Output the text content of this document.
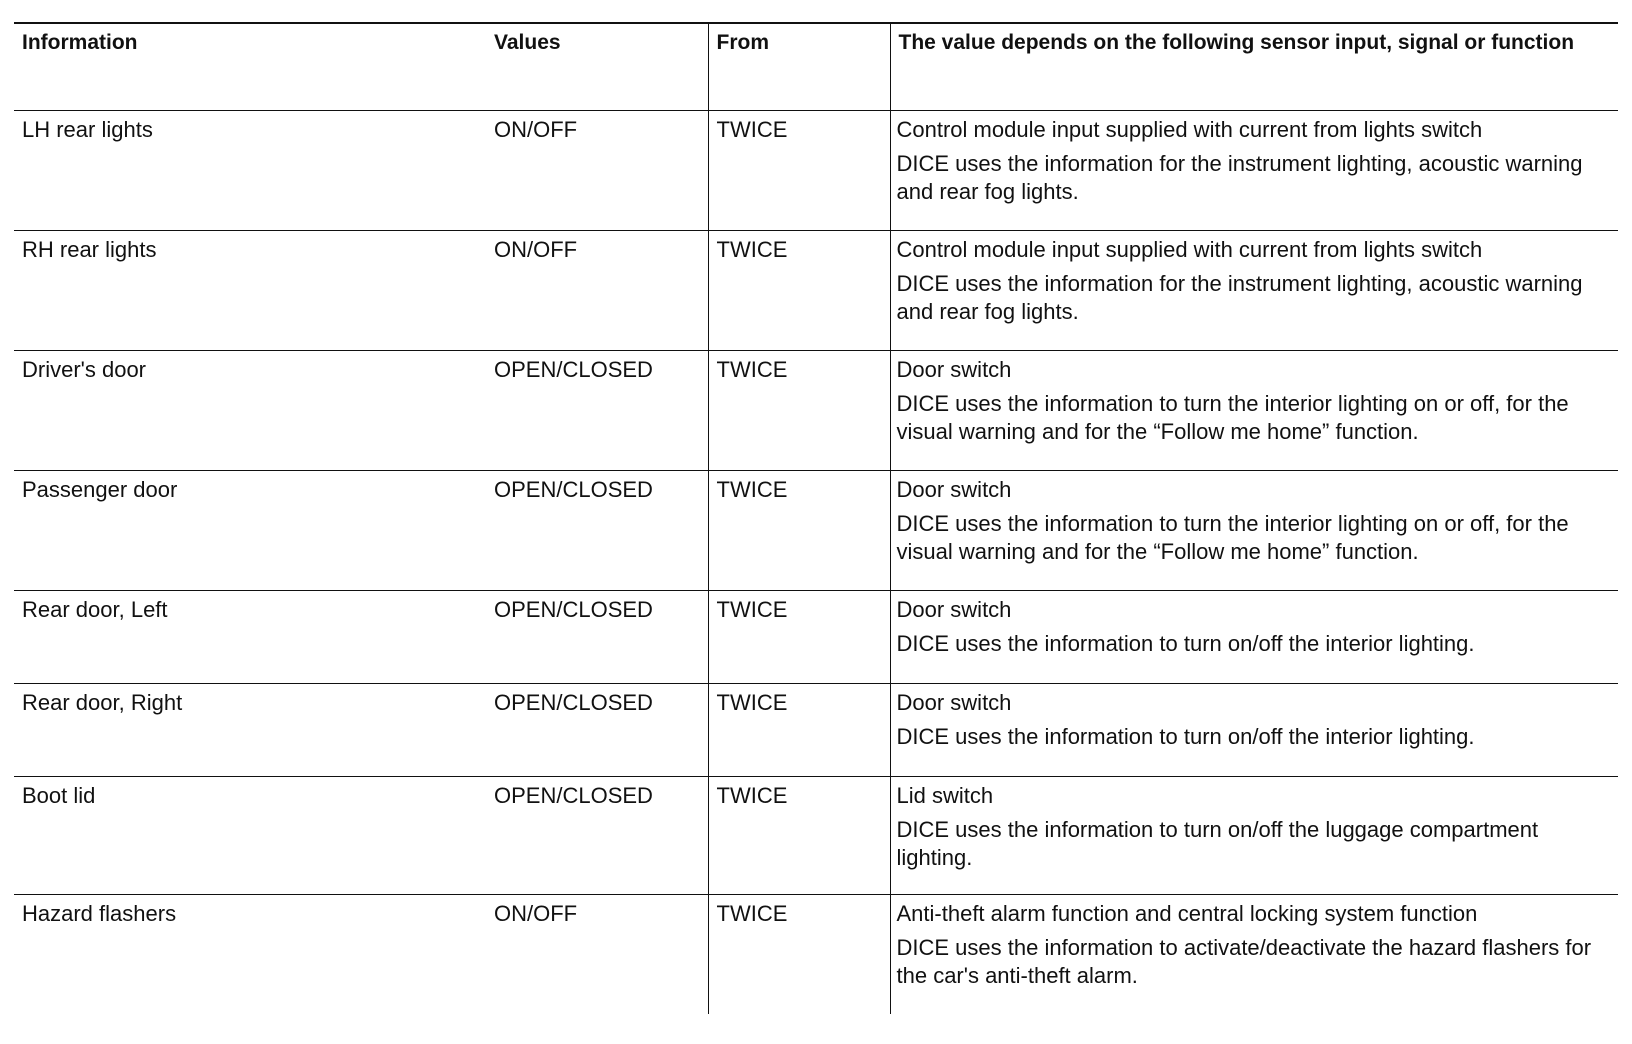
Information	Values	From	The value depends on the following sensor input, signal or function
LH rear lights	ON/OFF	TWICE	Control module input supplied with current from lights switch
DICE uses the information for the instrument lighting, acoustic warning and rear fog lights.

RH rear lights	ON/OFF	TWICE	Control module input supplied with current from lights switch
DICE uses the information for the instrument lighting, acoustic warning and rear fog lights.

Driver's door	OPEN/CLOSED	TWICE	Door switch
DICE uses the information to turn the interior lighting on or off, for the visual warning and for the “Follow me home” function.

Passenger door	OPEN/CLOSED	TWICE	Door switch
DICE uses the information to turn the interior lighting on or off, for the visual warning and for the “Follow me home” function.

Rear door, Left	OPEN/CLOSED	TWICE	Door switch
DICE uses the information to turn on/off the interior lighting.

Rear door, Right	OPEN/CLOSED	TWICE	Door switch
DICE uses the information to turn on/off the interior lighting.

Boot lid	OPEN/CLOSED	TWICE	Lid switch
DICE uses the information to turn on/off the luggage compartment lighting.

Hazard flashers	ON/OFF	TWICE	Anti-theft alarm function and central locking system function
DICE uses the information to activate/deactivate the hazard flashers for the car's anti-theft alarm.
